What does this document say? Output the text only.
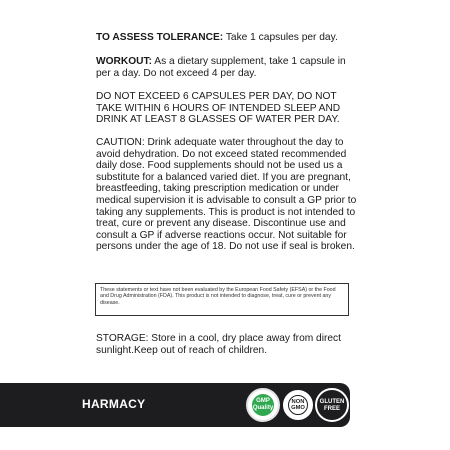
TO ASSESS TOLERANCE: Take 1 capsules per day.

WORKOUT: As a dietary supplement, take 1 capsule in per a day. Do not exceed 4 per day.

DO NOT EXCEED 6 CAPSULES PER DAY, DO NOT TAKE WITHIN 6 HOURS OF INTENDED SLEEP AND DRINK AT LEAST 8 GLASSES OF WATER PER DAY.

CAUTION: Drink adequate water throughout the day to avoid dehydration. Do not exceed stated recommended daily dose. Food supplements should not be used us a substitute for a balanced varied diet. If you are pregnant, breastfeeding, taking prescription medication or under medical supervision it is advisable to consult a GP prior to taking any supplements. This is product is not intended to treat, cure or prevent any disease. Discontinue use and consult a GP if adverse reactions occur. Not suitable for persons under the age of 18. Do not use if seal is broken.

These statements or text have not been evaluated by the European Food Safety (EFSA) or the Food and Drug Administration (FDA). This product is not intended to diagnose, treat, cure or prevent any disease.

STORAGE: Store in a cool, dry place away from direct sunlight.Keep out of reach of children.

HARMACY	GMP
Quality
NON
GMO
GLUTEN
FREE
